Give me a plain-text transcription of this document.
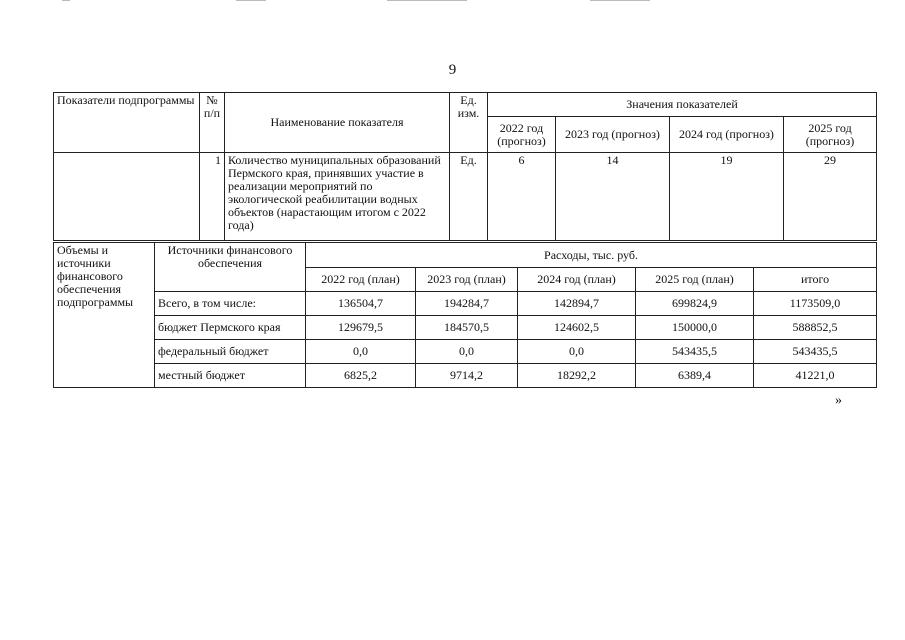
9
Показатели подпрограммы	№ п/п	Наименование показателя	Ед. изм.	Значения показателей			
				2022 год (прогноз)	2023 год (прогноз)	2024 год (прогноз)	2025 год (прогноз)
	1	Количество муниципальных образований Пермского края, принявших участие в реализации мероприятий по экологической реабилитации водных объектов (нарастающим итогом с 2022 года)	Ед.	6	14	19	29
Объемы и источники финансового обеспечения подпрограммы	Источники финансового обеспечения	Расходы, тыс. руб.				
		2022 год (план)	2023 год (план)	2024 год (план)	2025 год (план)	итого
	Всего, в том числе:	136504,7	194284,7	142894,7	699824,9	1173509,0
	бюджет Пермского края	129679,5	184570,5	124602,5	150000,0	588852,5
	федеральный бюджет	0,0	0,0	0,0	543435,5	543435,5
	местный бюджет	6825,2	9714,2	18292,2	6389,4	41221,0
»
